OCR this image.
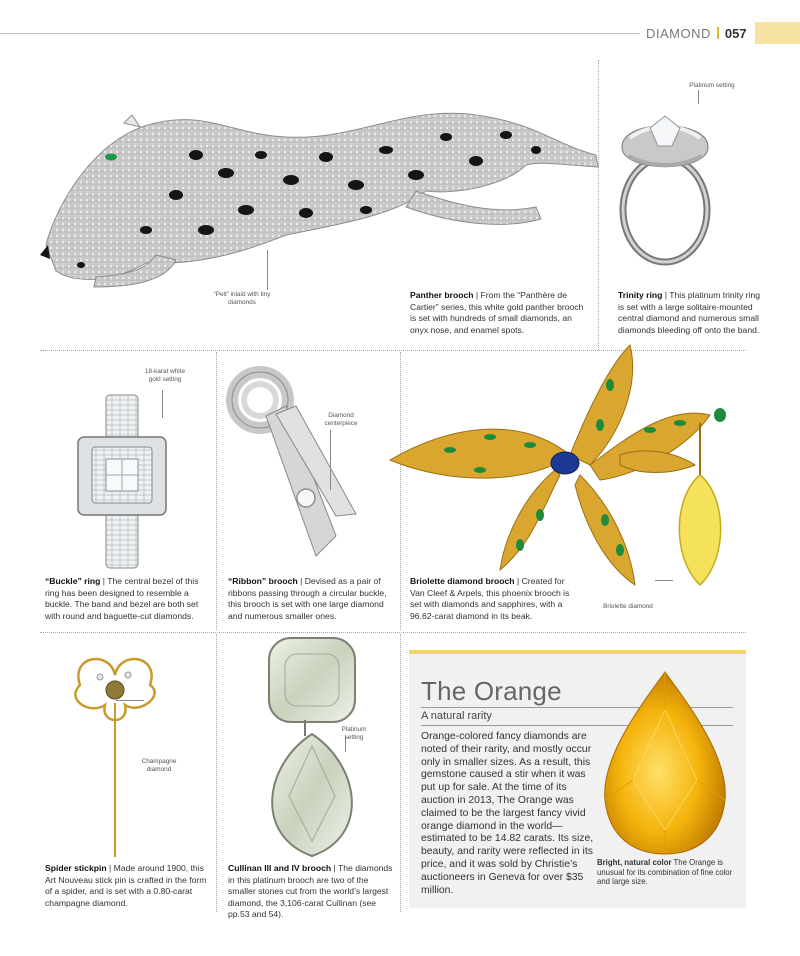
DIAMOND 057
“Pelt” inlaid with tiny diamonds
Panther brooch | From the “Panthère de Cartier” series, this white gold panther brooch is set with hundreds of small diamonds, an onyx nose, and enamel spots.
Platinum setting
Trinity ring | This platinum trinity ring is set with a large solitaire-mounted central diamond and numerous small diamonds bleeding off onto the band.
18-karat white gold setting
“Buckle” ring | The central bezel of this ring has been designed to resemble a buckle. The band and bezel are both set with round and baguette-cut diamonds.
Diamond centerpiece
“Ribbon” brooch | Devised as a pair of ribbons passing through a circular buckle, this brooch is set with one large diamond and numerous smaller ones.
Briolette diamond
Briolette diamond brooch | Created for Van Cleef & Arpels, this phoenix brooch is set with diamonds and sapphires, with a 96.62-carat diamond in its beak.
Champagne diamond
Spider stickpin | Made around 1900, this Art Nouveau stick pin is crafted in the form of a spider, and is set with a 0.80-carat champagne diamond.
Platinum setting
Cullinan III and IV brooch | The diamonds in this platinum brooch are two of the smaller stones cut from the world’s largest diamond, the 3,106-carat Cullinan (see pp.53 and 54).
The Orange
A natural rarity
Orange-colored fancy diamonds are noted of their rarity, and mostly occur only in smaller sizes. As a result, this gemstone caused a stir when it was put up for sale. At the time of its auction in 2013, The Orange was claimed to be the largest fancy vivid orange diamond in the world—estimated to be 14.82 carats. Its size, beauty, and rarity were reflected in its price, and it was sold by Christie’s auctioneers in Geneva for over $35 million.
Bright, natural color The Orange is unusual for its combination of fine color and large size.
